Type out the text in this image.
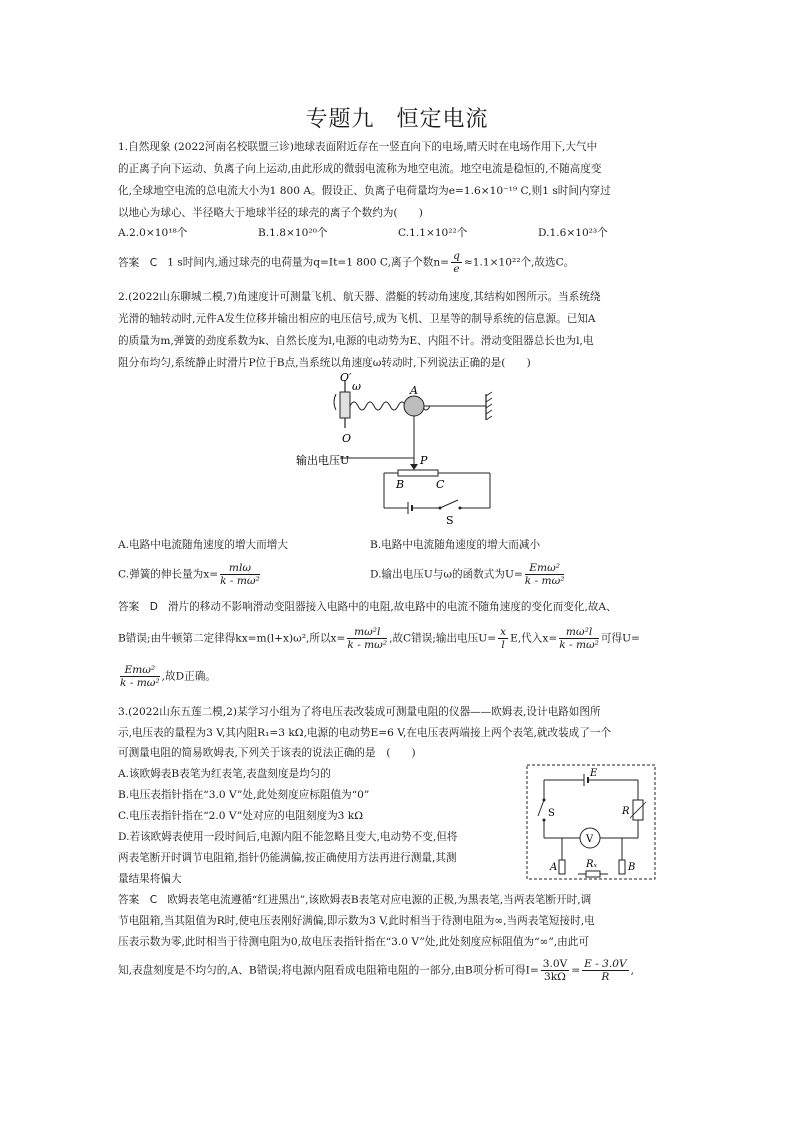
专题九 恒定电流
1.自然现象 (2022河南名校联盟三诊)地球表面附近存在一竖直向下的电场,晴天时在电场作用下,大气中
的正离子向下运动、负离子向上运动,由此形成的微弱电流称为地空电流。地空电流是稳恒的,不随高度变
化,全球地空电流的总电流大小为1 800 A。假设正、负离子电荷量均为e=1.6×10⁻¹⁹ C,则1 s时间内穿过
以地心为球心、半径略大于地球半径的球壳的离子个数约为(　　)
A.2.0×10¹⁸个	B.1.8×10²⁰个	C.1.1×10²²个	D.1.6×10²³个
答案　C 1 s时间内,通过球壳的电荷量为q=It=1 800 C,离子个数$n= \frac{q}{e} \approx 1.1\times 10^{22}$个,故选C。
2.(2022山东聊城二模,7)角速度计可测量飞机、航天器、潜艇的转动角速度,其结构如图所示。当系统绕
光滑的轴转动时,元件A发生位移并输出相应的电压信号,成为飞机、卫星等的制导系统的信息源。已知A
的质量为m,弹簧的劲度系数为k、自然长度为l,电源的电动势为E、内阻不计。滑动变阻器总长也为l,电
阻分布均匀,系统静止时滑片P位于B点,当系统以角速度ω转动时,下列说法正确的是(　　)
O′
ω	A
O
输出电压U	P
B	C
S
A.电路中电流随角速度的增大而增大	B.电路中电流随角速度的增大而减小
C.弹簧的伸长量为$x= \frac{\text{mlω}}{\text{k - mω²}}$	D.输出电压U与ω的函数式为$U= \frac{\text{Emω²}}{\text{k - mω²}}$
答案　D 滑片的移动不影响滑动变阻器接入电路中的电阻,故电路中的电流不随角速度的变化而变化,故A、
B错误;由牛顿第二定律得kx=m(l+x)ω²,所以$x= \frac{\text{mω²l}}{\text{k - mω²}}$ ,故C错误;输出电压$U= \frac{x}{l} E$,代入$x= \frac{\text{mω²l}}{\text{k - mω²}}$ 可得U=
$\frac{\text{Emω²}}{\text{k - mω²}}$ ,故D正确。
3.(2022山东五莲二模,2)某学习小组为了将电压表改装成可测量电阻的仪器——欧姆表,设计电路如图所
示,电压表的量程为3 V,其内阻R₁=3 kΩ,电源的电动势E=6 V,在电压表两端接上两个表笔,就改装成了一个
可测量电阻的简易欧姆表,下列关于该表的说法正确的是　(　　)
A.该欧姆表B表笔为红表笔,表盘刻度是均匀的
B.电压表指针指在“3.0 V”处,此处刻度应标阻值为“0”
C.电压表指针指在“2.0 V”处对应的电阻刻度为3 kΩ
D.若该欧姆表使用一段时间后,电源内阻不能忽略且变大,电动势不变,但将
两表笔断开时调节电阻箱,指针仍能满偏,按正确使用方法再进行测量,其测
量结果将偏大
E
S	R
V
A	Rₓ	B
答案　C 欧姆表笔电流遵循“红进黑出”,该欧姆表B表笔对应电源的正极,为黑表笔,当两表笔断开时,调
节电阻箱,当其阻值为R时,使电压表刚好满偏,即示数为3 V,此时相当于待测电阻为∞,当两表笔短接时,电
压表示数为零,此时相当于待测电阻为0,故电压表指针指在“3.0 V”处,此处刻度应标阻值为“∞”,由此可
知,表盘刻度是不均匀的,A、B错误;将电源内阻看成电阻箱电阻的一部分,由B项分析可得$I= \frac{3.0V}{3k\Omega} = \frac{E - 3.0V}{R}$ ,
